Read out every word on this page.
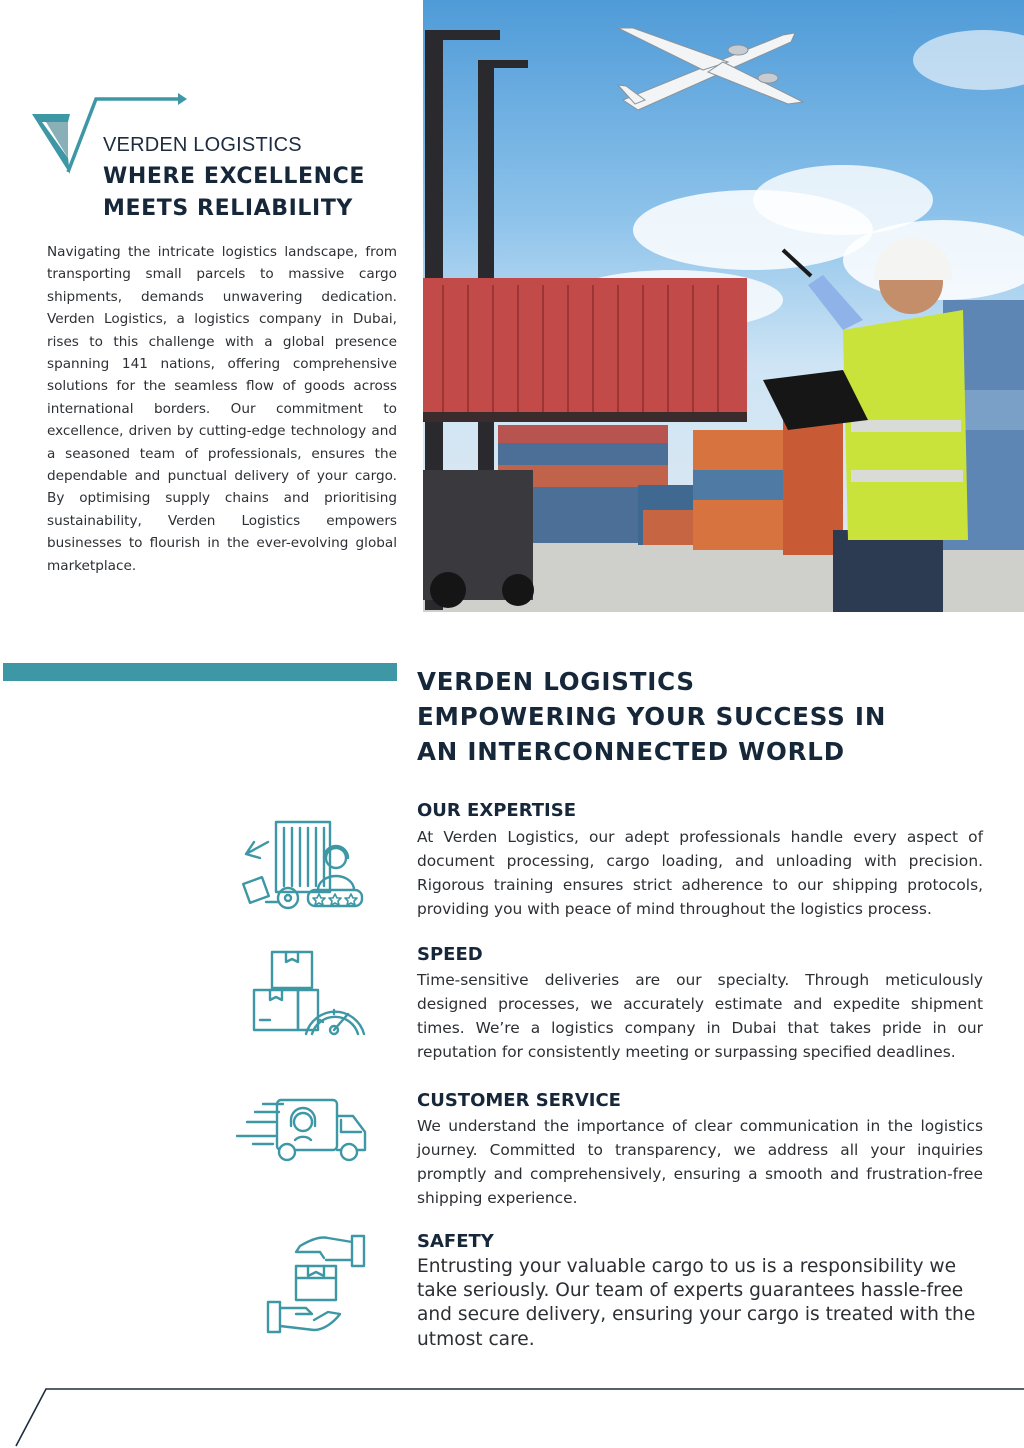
VERDEN LOGISTICS
WHERE EXCELLENCE
MEETS RELIABILITY

Navigating the intricate logistics landscape, from transporting small parcels to massive cargo shipments, demands unwavering dedication. Verden Logistics, a logistics company in Dubai, rises to this challenge with a global presence spanning 141 nations, offering comprehensive solutions for the seamless flow of goods across international borders. Our commitment to excellence, driven by cutting-edge technology and a seasoned team of professionals, ensures the dependable and punctual delivery of your cargo. By optimising supply chains and prioritising sustainability, Verden Logistics empowers businesses to flourish in the ever-evolving global marketplace.

VERDEN LOGISTICS
EMPOWERING YOUR SUCCESS IN
AN INTERCONNECTED WORLD
OUR EXPERTISE

At Verden Logistics, our adept professionals handle every aspect of document processing, cargo loading, and unloading with precision. Rigorous training ensures strict adherence to our shipping protocols, providing you with peace of mind throughout the logistics process.

SPEED

Time-sensitive deliveries are our specialty. Through meticulously designed processes, we accurately estimate and expedite shipment times. We’re a logistics company in Dubai that takes pride in our reputation for consistently meeting or surpassing specified deadlines.

CUSTOMER SERVICE

We understand the importance of clear communication in the logistics journey. Committed to transparency, we address all your inquiries promptly and comprehensively, ensuring a smooth and frustration-free shipping experience.

SAFETY

Entrusting your valuable cargo to us is a responsibility we take seriously. Our team of experts guarantees hassle-free and secure delivery, ensuring your cargo is treated with the utmost care.
